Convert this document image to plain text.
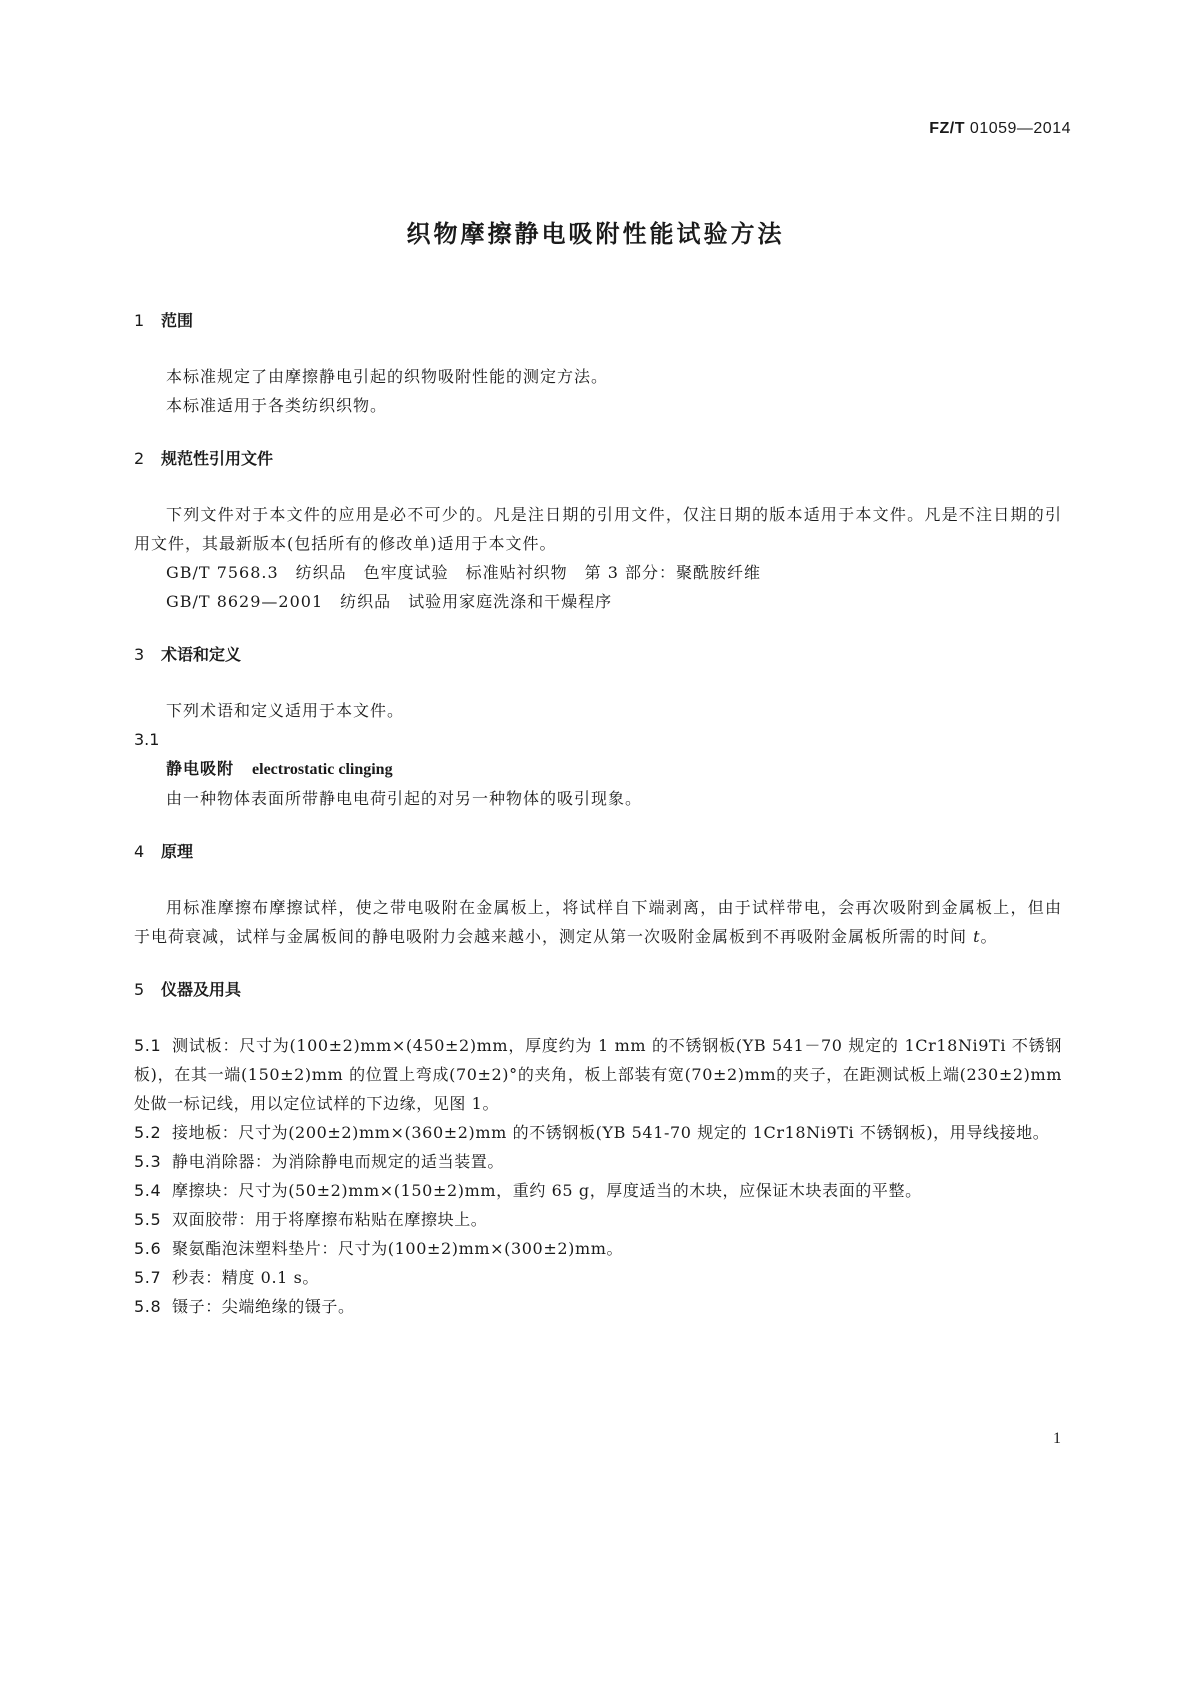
FZ/T 01059—2014
织物摩擦静电吸附性能试验方法
1 范围
本标准规定了由摩擦静电引起的织物吸附性能的测定方法。
本标准适用于各类纺织织物。
2 规范性引用文件
下列文件对于本文件的应用是必不可少的。凡是注日期的引用文件，仅注日期的版本适用于本文件。凡是不注日期的引用文件，其最新版本(包括所有的修改单)适用于本文件。
GB/T 7568.3　纺织品　色牢度试验　标准贴衬织物　第 3 部分：聚酰胺纤维
GB/T 8629—2001　纺织品　试验用家庭洗涤和干燥程序
3 术语和定义
下列术语和定义适用于本文件。
3.1
静电吸附 electrostatic clinging
由一种物体表面所带静电电荷引起的对另一种物体的吸引现象。
4 原理
用标准摩擦布摩擦试样，使之带电吸附在金属板上，将试样自下端剥离，由于试样带电，会再次吸附到金属板上，但由于电荷衰减，试样与金属板间的静电吸附力会越来越小，测定从第一次吸附金属板到不再吸附金属板所需的时间 t。
5 仪器及用具
5.1 测试板：尺寸为(100±2)mm×(450±2)mm，厚度约为 1 mm 的不锈钢板(YB 541－70 规定的 1Cr18Ni9Ti 不锈钢板)，在其一端(150±2)mm 的位置上弯成(70±2)°的夹角，板上部装有宽(70±2)mm的夹子，在距测试板上端(230±2)mm 处做一标记线，用以定位试样的下边缘，见图 1。
5.2 接地板：尺寸为(200±2)mm×(360±2)mm 的不锈钢板(YB 541-70 规定的 1Cr18Ni9Ti 不锈钢板)，用导线接地。
5.3 静电消除器：为消除静电而规定的适当装置。
5.4 摩擦块：尺寸为(50±2)mm×(150±2)mm，重约 65 g，厚度适当的木块，应保证木块表面的平整。
5.5 双面胶带：用于将摩擦布粘贴在摩擦块上。
5.6 聚氨酯泡沫塑料垫片：尺寸为(100±2)mm×(300±2)mm。
5.7 秒表：精度 0.1 s。
5.8 镊子：尖端绝缘的镊子。
1
